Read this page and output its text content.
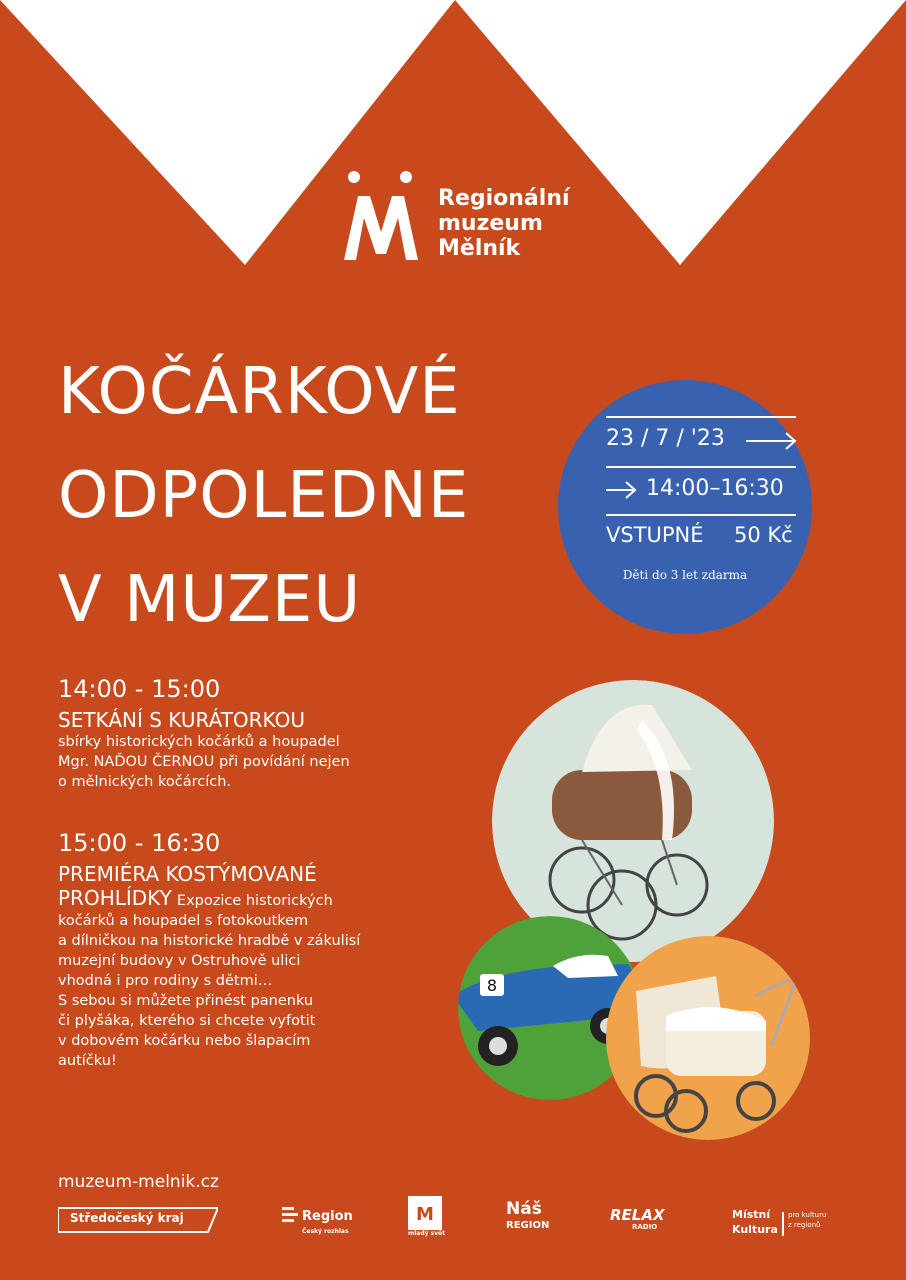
Regionální
muzeum
Mělník
KOČÁRKOVÉ
ODPOLEDNE
V MUZEU
23 / 7 / '23
14:00–16:30
VSTUPNÉ 50 Kč
Děti do 3 let zdarma
14:00 - 15:00
SETKÁNÍ S KURÁTORKOU
sbírky historických kočárků a houpadel
Mgr. NAĎOU ČERNOU při povídání nejen
o mělnických kočárcích.
15:00 - 16:30
PREMIÉRA KOSTÝMOVANÉ
PROHLÍDKY Expozice historických
kočárků a houpadel s fotokoutkem
a dílničkou na historické hradbě v zákulisí
muzejní budovy v Ostruhově ulici
vhodná i pro rodiny s dětmi…
S sebou si můžete přinést panenku
či plyšáka, kterého si chcete vyfotit
v dobovém kočárku nebo šlapacím
autíčku!
8
muzeum-melnik.cz
Středočeský kraj	Region
Český rozhlas
M
mladý svět
Náš
REGION
RELAX
RADIO
Místní
Kultura
pro kulturu
z regionů
